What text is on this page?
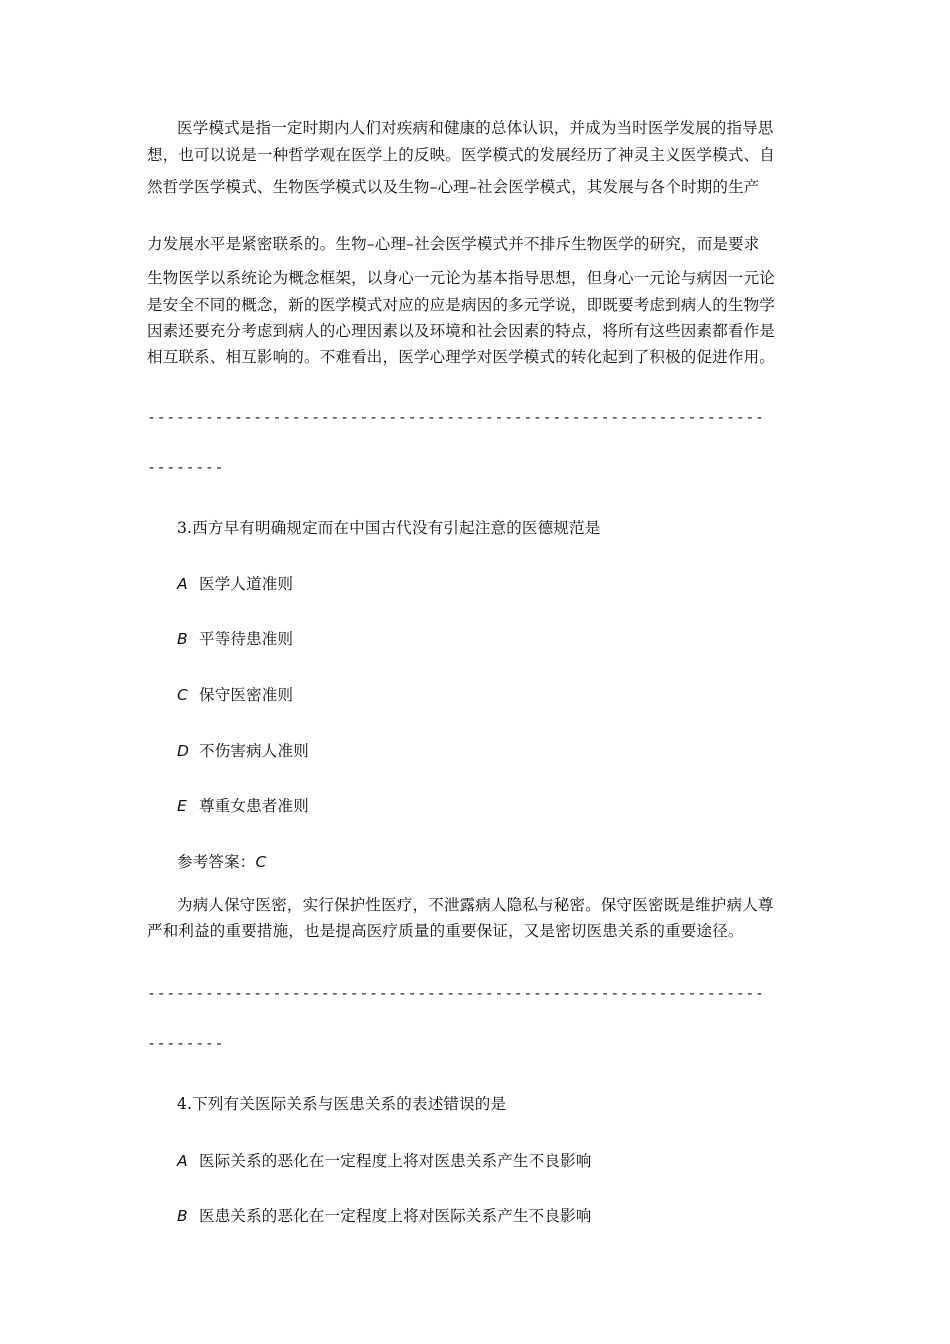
医学模式是指一定时期内人们对疾病和健康的总体认识，并成为当时医学发展的指导思
想，也可以说是一种哲学观在医学上的反映。医学模式的发展经历了神灵主义医学模式、自
然哲学医学模式、生物医学模式以及生物–心理–社会医学模式，其发展与各个时期的生产
力发展水平是紧密联系的。生物–心理–社会医学模式并不排斥生物医学的研究，而是要求
生物医学以系统论为概念框架，以身心一元论为基本指导思想，但身心一元论与病因一元论
是安全不同的概念，新的医学模式对应的应是病因的多元学说，即既要考虑到病人的生物学
因素还要充分考虑到病人的心理因素以及环境和社会因素的特点，将所有这些因素都看作是
相互联系、相互影响的。不难看出，医学心理学对医学模式的转化起到了积极的促进作用。
----------------------------------------------------------------
--------
3.西方早有明确规定而在中国古代没有引起注意的医德规范是
A 医学人道准则
B 平等待患准则
C 保守医密准则
D 不伤害病人准则
E 尊重女患者准则
参考答案：C
为病人保守医密，实行保护性医疗，不泄露病人隐私与秘密。保守医密既是维护病人尊
严和利益的重要措施，也是提高医疗质量的重要保证，又是密切医患关系的重要途径。
----------------------------------------------------------------
--------
4.下列有关医际关系与医患关系的表述错误的是
A 医际关系的恶化在一定程度上将对医患关系产生不良影响
B 医患关系的恶化在一定程度上将对医际关系产生不良影响
